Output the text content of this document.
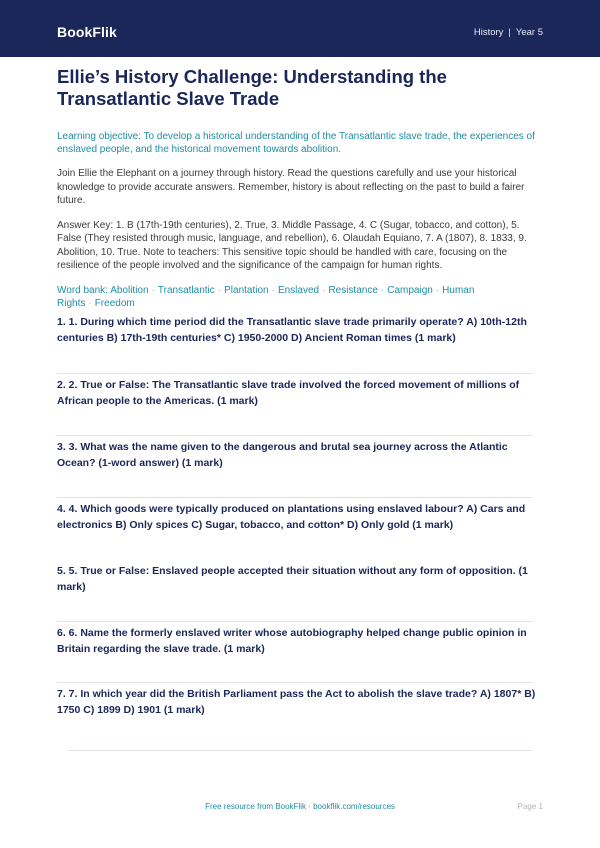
BookFlik	History | Year 5
Ellie’s History Challenge: Understanding the Transatlantic Slave Trade

Learning objective: To develop a historical understanding of the Transatlantic slave trade, the experiences of enslaved people, and the historical movement towards abolition.

Join Ellie the Elephant on a journey through history. Read the questions carefully and use your historical knowledge to provide accurate answers. Remember, history is about reflecting on the past to build a fairer future.

Answer Key: 1. B (17th-19th centuries), 2. True, 3. Middle Passage, 4. C (Sugar, tobacco, and cotton), 5. False (They resisted through music, language, and rebellion), 6. Olaudah Equiano, 7. A (1807), 8. 1833, 9. Abolition, 10. True. Note to teachers: This sensitive topic should be handled with care, focusing on the resilience of the people involved and the significance of the campaign for human rights.

Word bank: Abolition · Transatlantic · Plantation · Enslaved · Resistance · Campaign · Human Rights · Freedom

1. 1. During which time period did the Transatlantic slave trade primarily operate? A) 10th-12th centuries B) 17th-19th centuries* C) 1950-2000 D) Ancient Roman times (1 mark)
2. 2. True or False: The Transatlantic slave trade involved the forced movement of millions of African people to the Americas. (1 mark)
3. 3. What was the name given to the dangerous and brutal sea journey across the Atlantic Ocean? (1-word answer) (1 mark)
4. 4. Which goods were typically produced on plantations using enslaved labour? A) Cars and electronics B) Only spices C) Sugar, tobacco, and cotton* D) Only gold (1 mark)
5. 5. True or False: Enslaved people accepted their situation without any form of opposition. (1 mark)
6. 6. Name the formerly enslaved writer whose autobiography helped change public opinion in Britain regarding the slave trade. (1 mark)
7. 7. In which year did the British Parliament pass the Act to abolish the slave trade? A) 1807* B) 1750 C) 1899 D) 1901 (1 mark)
Free resource from BookFlik · bookflik.com/resources	Page 1
